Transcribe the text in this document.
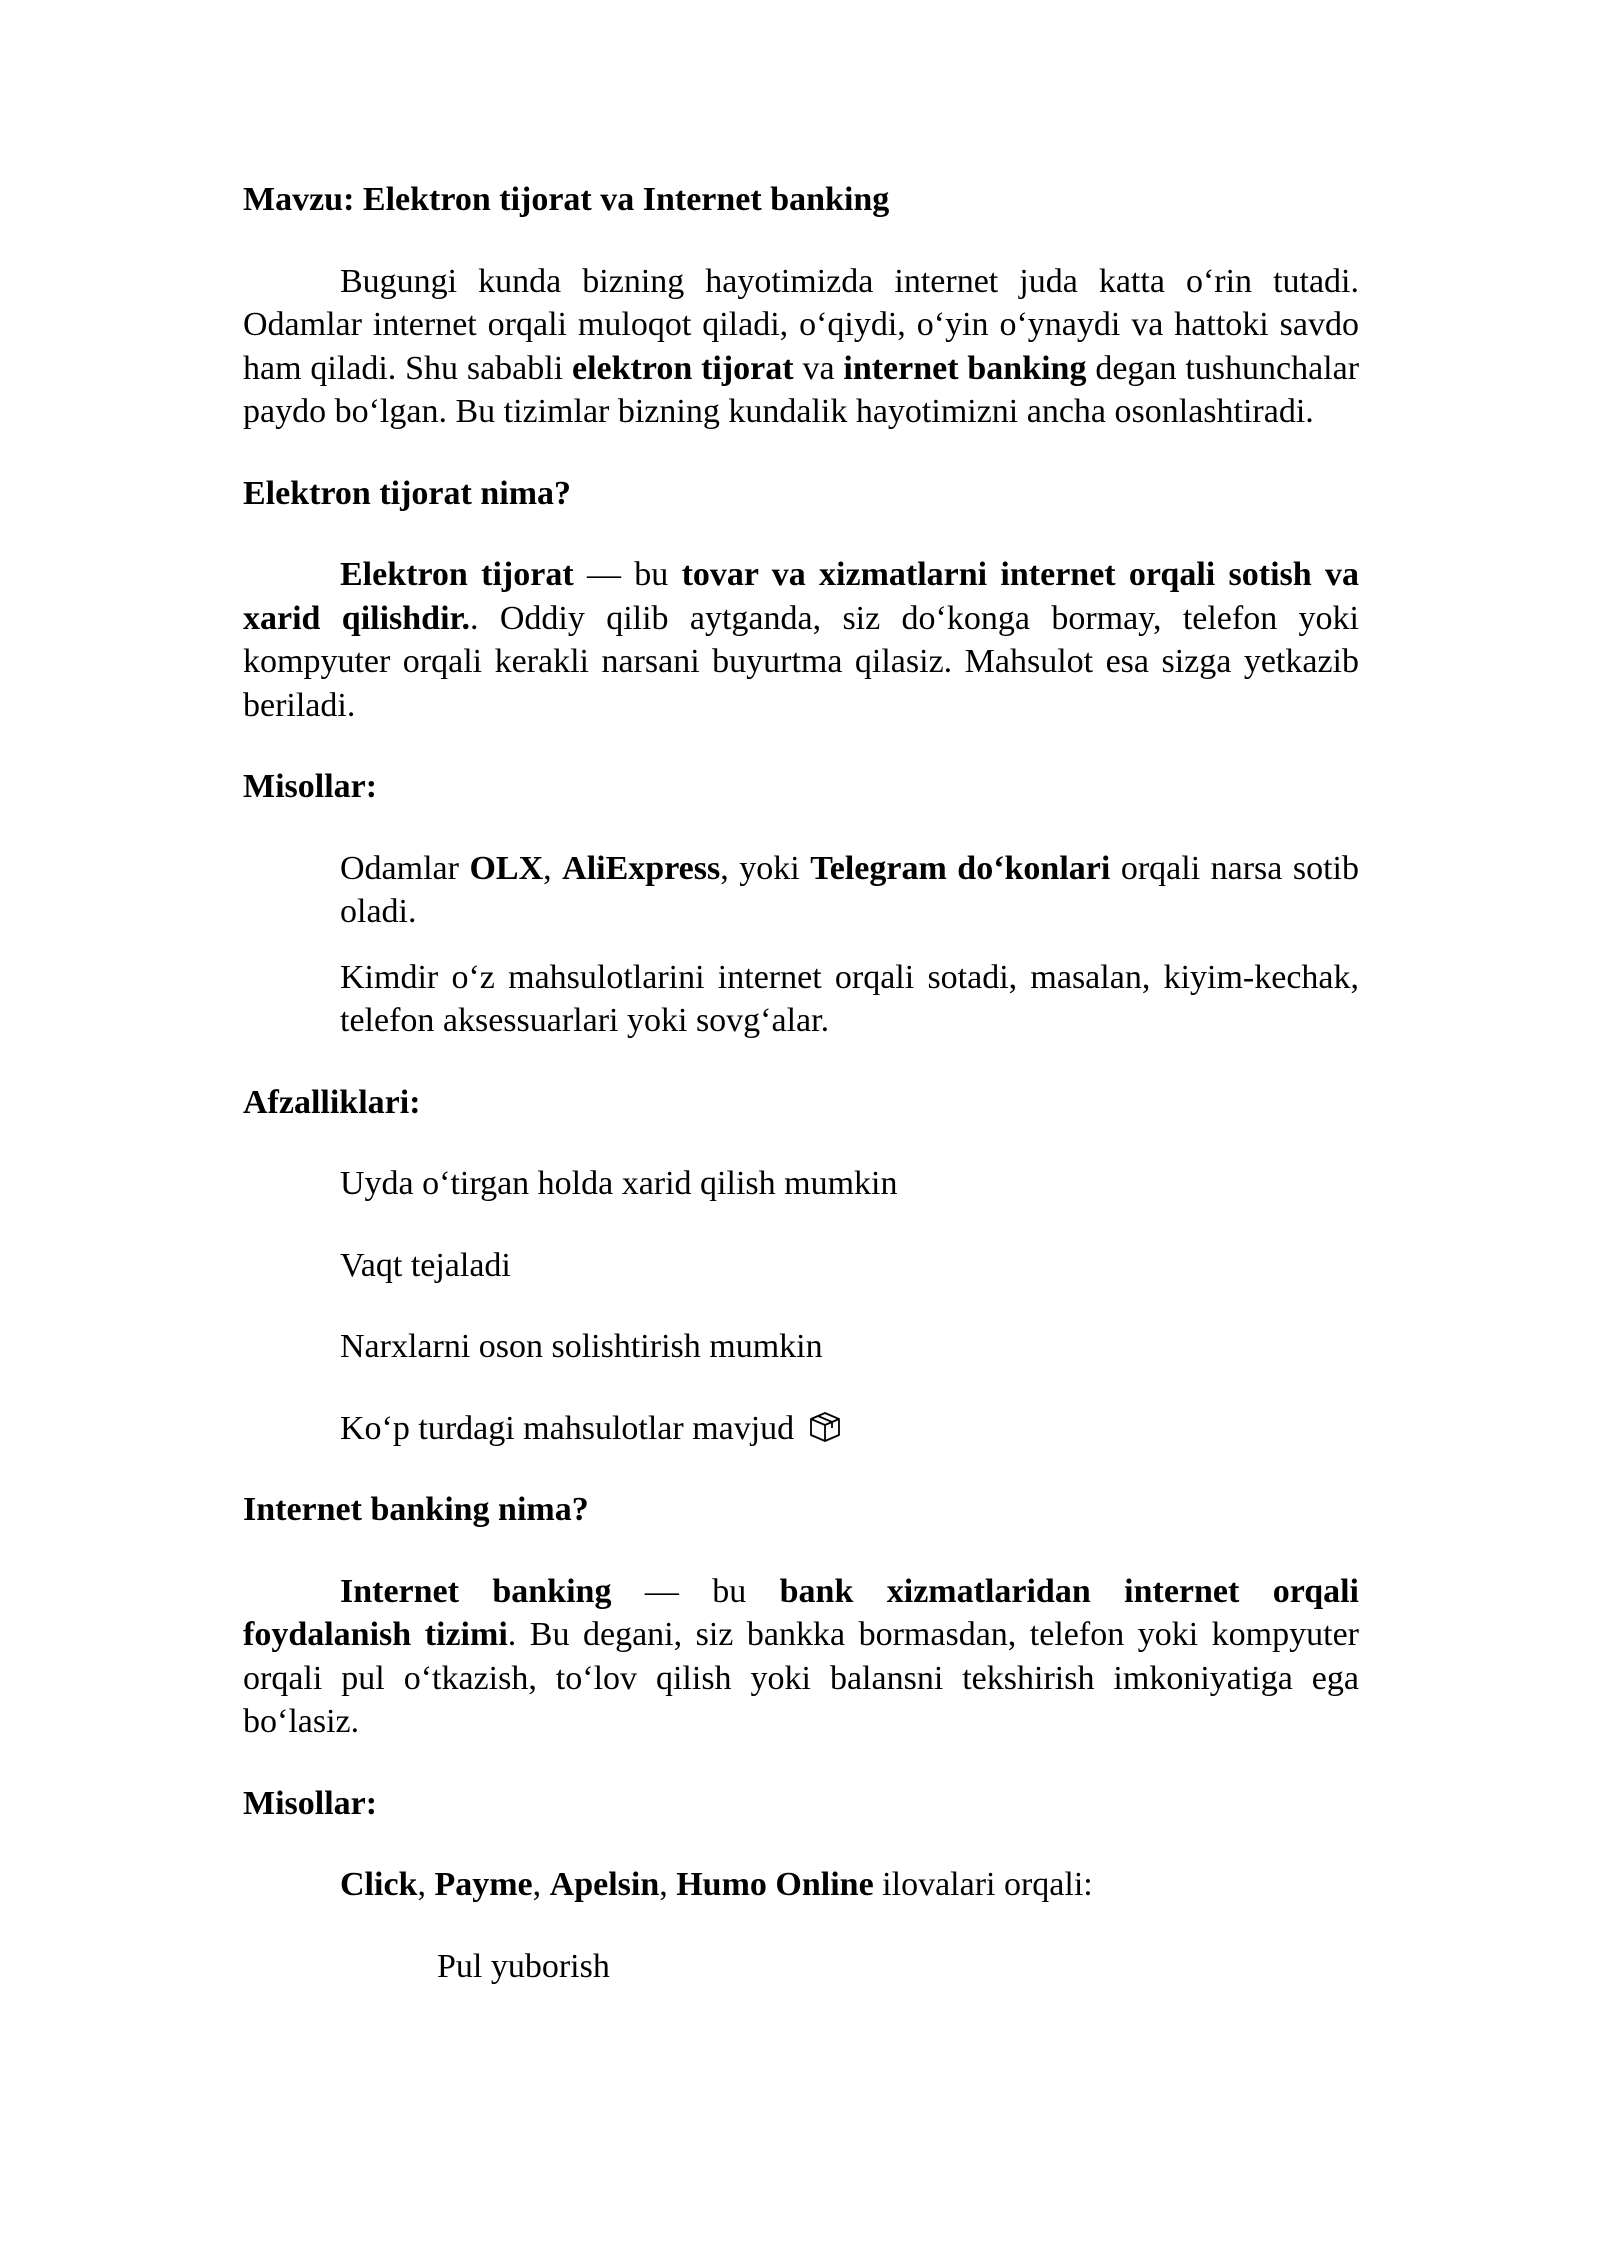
Mavzu: Elektron tijorat va Internet banking

Bugungi kunda bizning hayotimizda internet juda katta o‘rin tutadi. Odamlar internet orqali muloqot qiladi, o‘qiydi, o‘yin o‘ynaydi va hattoki savdo ham qiladi. Shu sababli elektron tijorat va internet banking degan tushunchalar paydo bo‘lgan. Bu tizimlar bizning kundalik hayotimizni ancha osonlashtiradi.

Elektron tijorat nima?

Elektron tijorat — bu tovar va xizmatlarni internet orqali sotish va xarid qilishdir.. Oddiy qilib aytganda, siz do‘konga bormay, telefon yoki kompyuter orqali kerakli narsani buyurtma qilasiz. Mahsulot esa sizga yetkazib beriladi.

Misollar:

Odamlar OLX, AliExpress, yoki Telegram do‘konlari orqali narsa sotib oladi.

Kimdir o‘z mahsulotlarini internet orqali sotadi, masalan, kiyim-kechak, telefon aksessuarlari yoki sovg‘alar.

Afzalliklari:

Uyda o‘tirgan holda xarid qilish mumkin

Vaqt tejaladi

Narxlarni oson solishtirish mumkin

Ko‘p turdagi mahsulotlar mavjud

Internet banking nima?

Internet banking — bu bank xizmatlaridan internet orqali foydalanish tizimi. Bu degani, siz bankka bormasdan, telefon yoki kompyuter orqali pul o‘tkazish, to‘lov qilish yoki balansni tekshirish imkoniyatiga ega bo‘lasiz.

Misollar:

Click, Payme, Apelsin, Humo Online ilovalari orqali:

Pul yuborish
